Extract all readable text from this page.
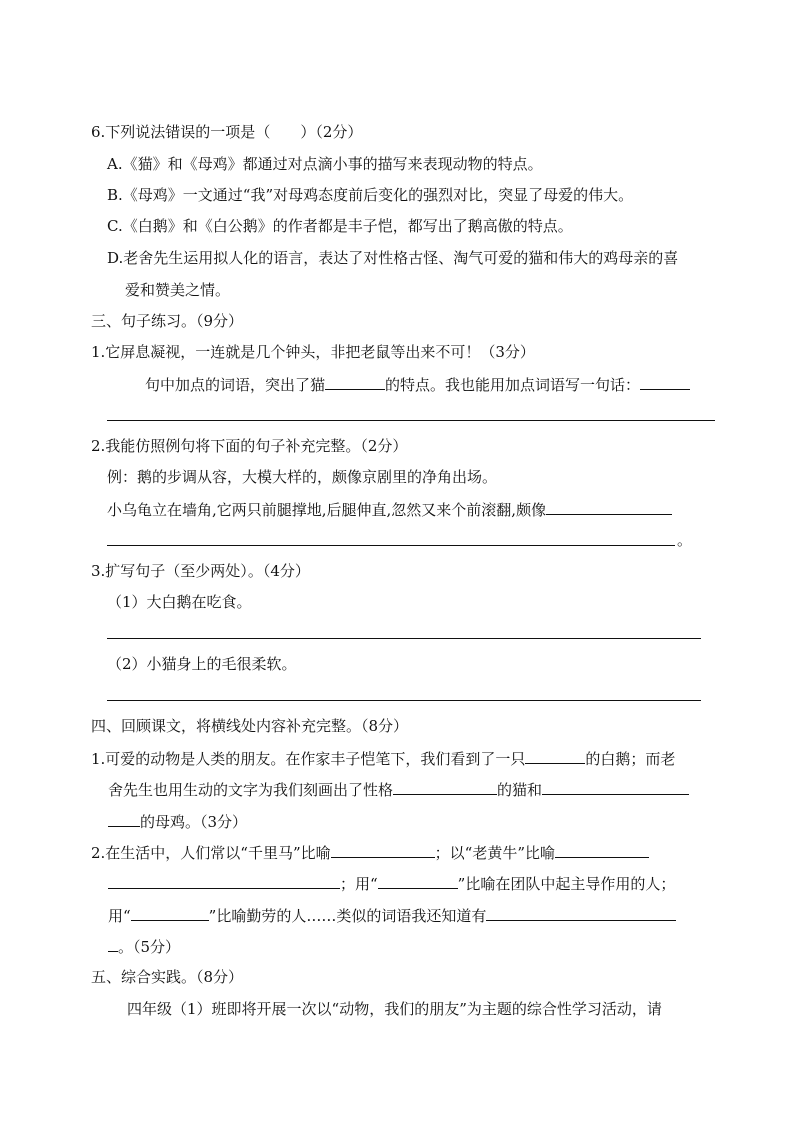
6.下列说法错误的一项是（　　）（2分）
A.《猫》和《母鸡》都通过对点滴小事的描写来表现动物的特点。
B.《母鸡》一文通过“我”对母鸡态度前后变化的强烈对比，突显了母爱的伟大。
C.《白鹅》和《白公鹅》的作者都是丰子恺，都写出了鹅高傲的特点。
D.老舍先生运用拟人化的语言，表达了对性格古怪、淘气可爱的猫和伟大的鸡母亲的喜
爱和赞美之情。
三、句子练习。（9分）
1.它屏息凝视，一连就是几个钟头，非把老鼠等出来不可！（3分）
句中加点的词语，突出了猫	的特点。我也能用加点词语写一句话：
2.我能仿照例句将下面的句子补充完整。（2分）
例：鹅的步调从容，大模大样的，颇像京剧里的净角出场。
小乌龟立在墙角,它两只前腿撑地,后腿伸直,忽然又来个前滚翻,颇像
。
3.扩写句子（至少两处）。（4分）
（1）大白鹅在吃食。
（2）小猫身上的毛很柔软。
四、回顾课文，将横线处内容补充完整。（8分）
1.可爱的动物是人类的朋友。在作家丰子恺笔下，我们看到了一只	的白鹅；而老
舍先生也用生动的文字为我们刻画出了性格	的猫和
的母鸡。（3分）
2.在生活中，人们常以“千里马”比喻	；以“老黄牛”比喻
；用“	”比喻在团队中起主导作用的人；
用“	”比喻勤劳的人……类似的词语我还知道有
。（5分）
五、综合实践。（8分）
四年级（1）班即将开展一次以“动物，我们的朋友”为主题的综合性学习活动，请
